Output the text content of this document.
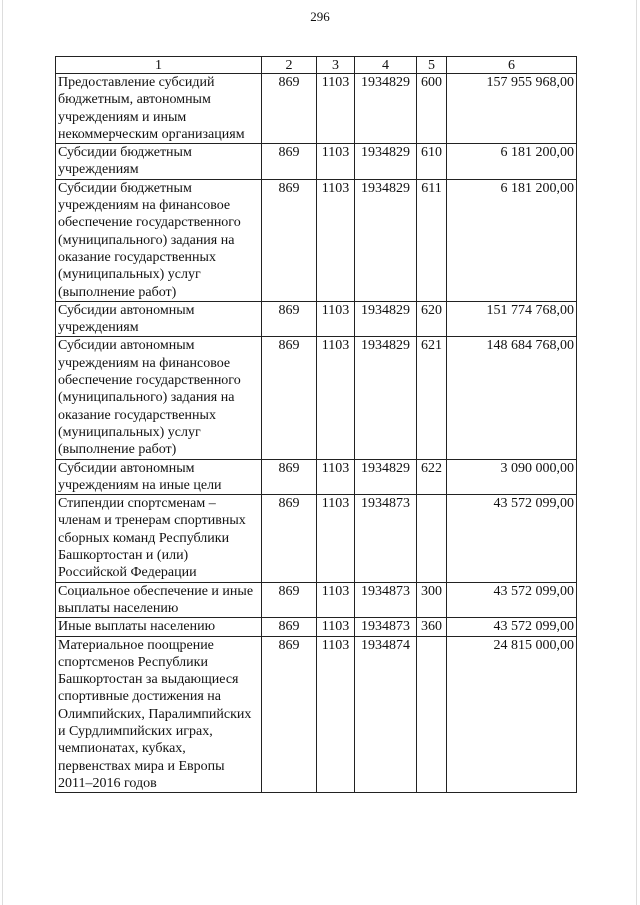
296
1	2	3	4	5	6
Предоставление субсидий бюджетным, автономным учреждениям и иным некоммерческим организациям	869	1103	1934829	600	157 955 968,00
Субсидии бюджетным учреждениям	869	1103	1934829	610	6 181 200,00
Субсидии бюджетным учреждениям на финансовое обеспечение государственного (муниципального) задания на оказание государственных (муниципальных) услуг (выполнение работ)	869	1103	1934829	611	6 181 200,00
Субсидии автономным учреждениям	869	1103	1934829	620	151 774 768,00
Субсидии автономным учреждениям на финансовое обеспечение государственного (муниципального) задания на оказание государственных (муниципальных) услуг (выполнение работ)	869	1103	1934829	621	148 684 768,00
Субсидии автономным учреждениям на иные цели	869	1103	1934829	622	3 090 000,00
Стипендии спортсменам – членам и тренерам спортивных сборных команд Республики Башкортостан и (или) Российской Федерации	869	1103	1934873		43 572 099,00
Социальное обеспечение и иные выплаты населению	869	1103	1934873	300	43 572 099,00
Иные выплаты населению	869	1103	1934873	360	43 572 099,00
Материальное поощрение спортсменов Республики Башкортостан за выдающиеся спортивные достижения на Олимпийских, Паралимпийских и Сурдлимпийских играх, чемпионатах, кубках, первенствах мира и Европы 2011–2016 годов	869	1103	1934874		24 815 000,00
